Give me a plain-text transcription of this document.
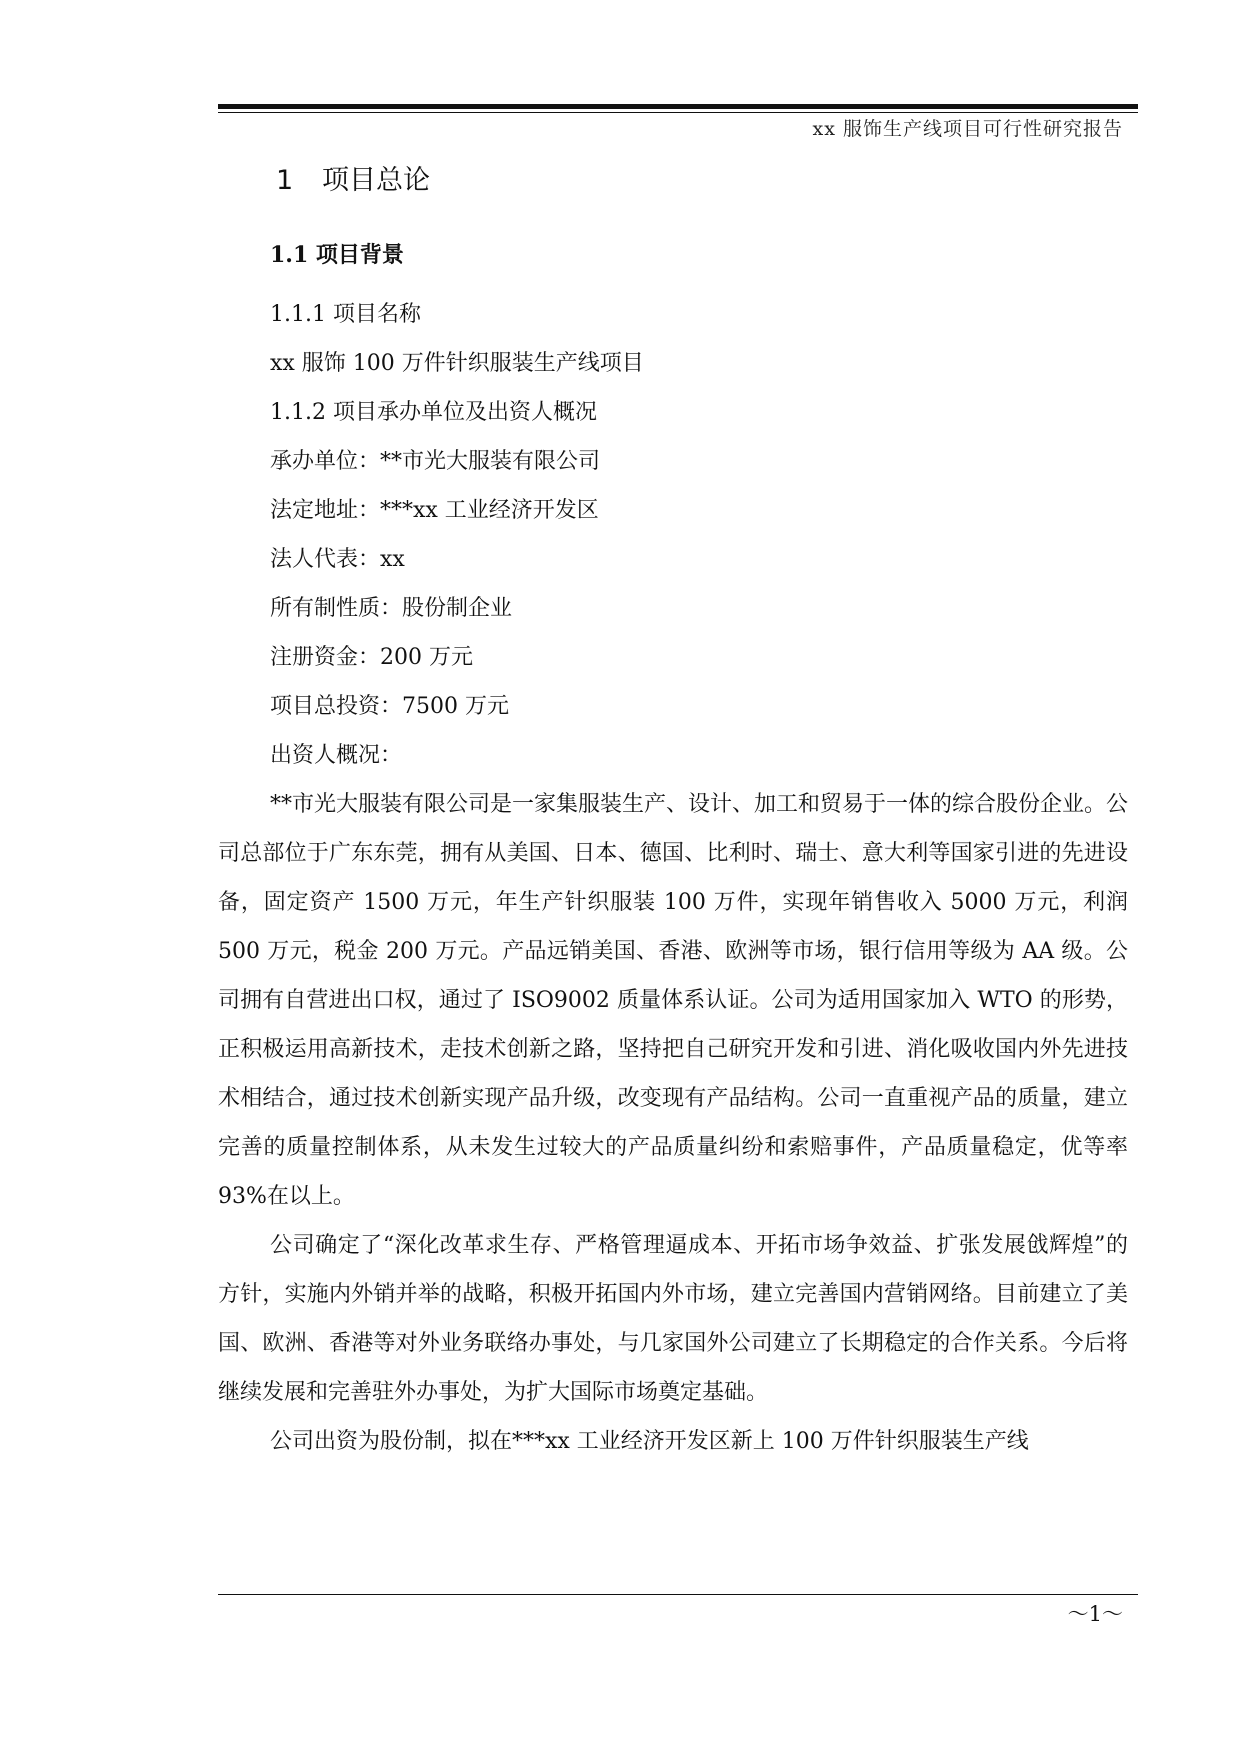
xx 服饰生产线项目可行性研究报告
1 项目总论
1.1 项目背景
1.1.1 项目名称
xx 服饰 100 万件针织服装生产线项目
1.1.2 项目承办单位及出资人概况
承办单位：**市光大服装有限公司
法定地址：***xx 工业经济开发区
法人代表：xx
所有制性质：股份制企业
注册资金：200 万元
项目总投资：7500 万元
出资人概况：

**市光大服装有限公司是一家集服装生产、设计、加工和贸易于一体的综合股份企业。公司总部位于广东东莞，拥有从美国、日本、德国、比利时、瑞士、意大利等国家引进的先进设备，固定资产 1500 万元，年生产针织服装 100 万件，实现年销售收入 5000 万元，利润 500 万元，税金 200 万元。产品远销美国、香港、欧洲等市场，银行信用等级为 AA 级。公司拥有自营进出口权，通过了 ISO9002 质量体系认证。公司为适用国家加入 WTO 的形势，正积极运用高新技术，走技术创新之路，坚持把自己研究开发和引进、消化吸收国内外先进技术相结合，通过技术创新实现产品升级，改变现有产品结构。公司一直重视产品的质量，建立完善的质量控制体系，从未发生过较大的产品质量纠纷和索赔事件，产品质量稳定，优等率 93%在以上。

公司确定了“深化改革求生存、严格管理逼成本、开拓市场争效益、扩张发展戗辉煌”的方针，实施内外销并举的战略，积极开拓国内外市场，建立完善国内营销网络。目前建立了美国、欧洲、香港等对外业务联络办事处，与几家国外公司建立了长期稳定的合作关系。今后将继续发展和完善驻外办事处，为扩大国际市场奠定基础。

公司出资为股份制，拟在***xx 工业经济开发区新上 100 万件针织服装生产线

～1～
